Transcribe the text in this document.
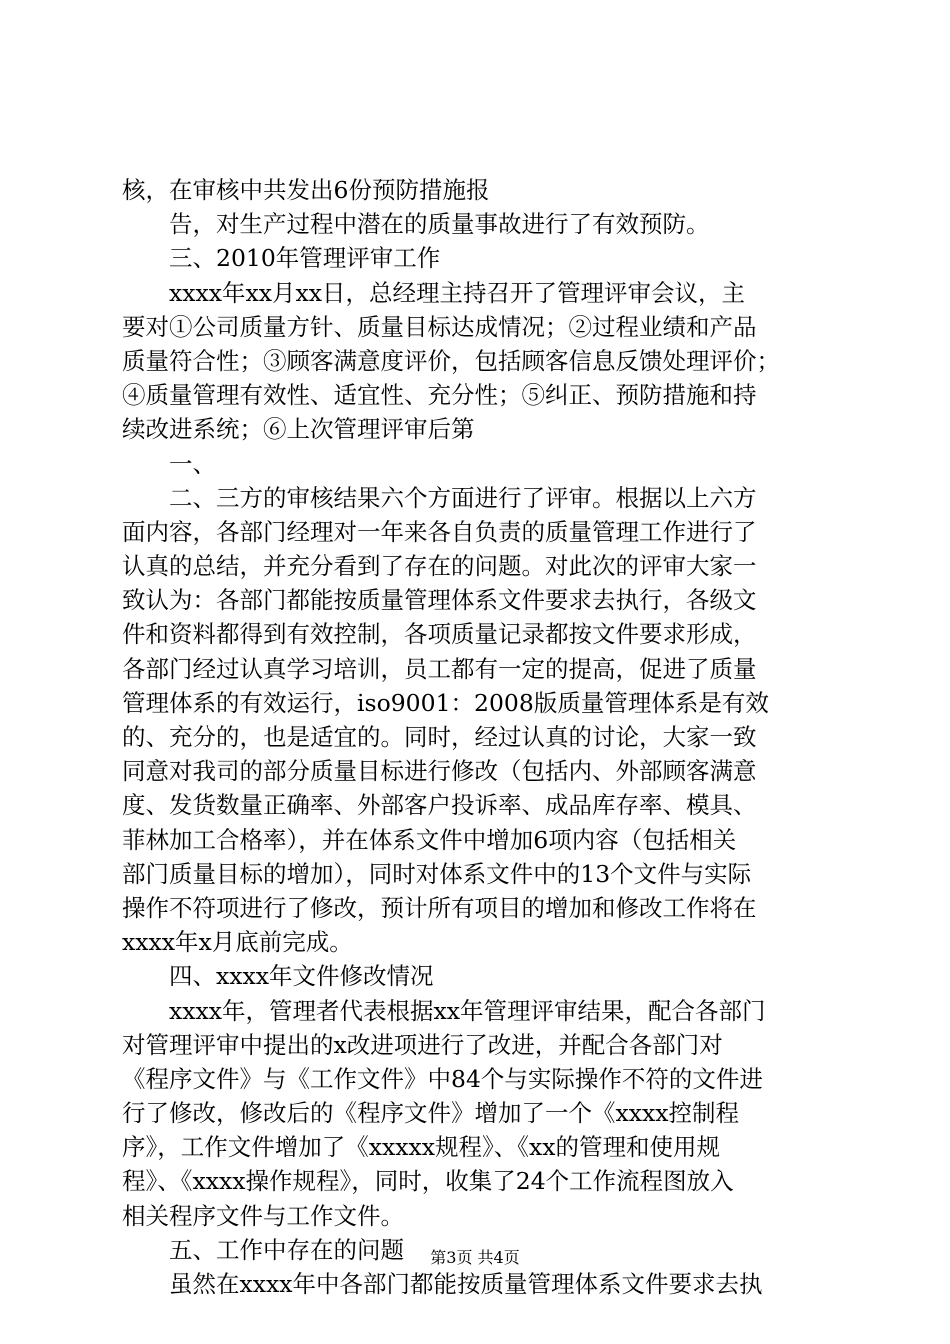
核，在审核中共发出6份预防措施报
告，对生产过程中潜在的质量事故进行了有效预防。
三、2010年管理评审工作
xxxx年xx月xx日，总经理主持召开了管理评审会议，主
要对①公司质量方针、质量目标达成情况；②过程业绩和产品
质量符合性；③顾客满意度评价，包括顾客信息反馈处理评价；
④质量管理有效性、适宜性、充分性；⑤纠正、预防措施和持
续改进系统；⑥上次管理评审后第
一、
二、三方的审核结果六个方面进行了评审。根据以上六方
面内容，各部门经理对一年来各自负责的质量管理工作进行了
认真的总结，并充分看到了存在的问题。对此次的评审大家一
致认为：各部门都能按质量管理体系文件要求去执行，各级文
件和资料都得到有效控制，各项质量记录都按文件要求形成，
各部门经过认真学习培训，员工都有一定的提高，促进了质量
管理体系的有效运行，iso9001：2008版质量管理体系是有效
的、充分的，也是适宜的。同时，经过认真的讨论，大家一致
同意对我司的部分质量目标进行修改（包括内、外部顾客满意
度、发货数量正确率、外部客户投诉率、成品库存率、模具、
菲林加工合格率），并在体系文件中增加6项内容（包括相关
部门质量目标的增加），同时对体系文件中的13个文件与实际
操作不符项进行了修改，预计所有项目的增加和修改工作将在
xxxx年x月底前完成。
四、xxxx年文件修改情况
xxxx年，管理者代表根据xx年管理评审结果，配合各部门
对管理评审中提出的x改进项进行了改进，并配合各部门对
《程序文件》与《工作文件》中84个与实际操作不符的文件进
行了修改，修改后的《程序文件》增加了一个《xxxx控制程
序》，工作文件增加了《xxxxx规程》、《xx的管理和使用规
程》、《xxxx操作规程》，同时，收集了24个工作流程图放入
相关程序文件与工作文件。
五、工作中存在的问题
虽然在xxxx年中各部门都能按质量管理体系文件要求去执
第3页 共4页
